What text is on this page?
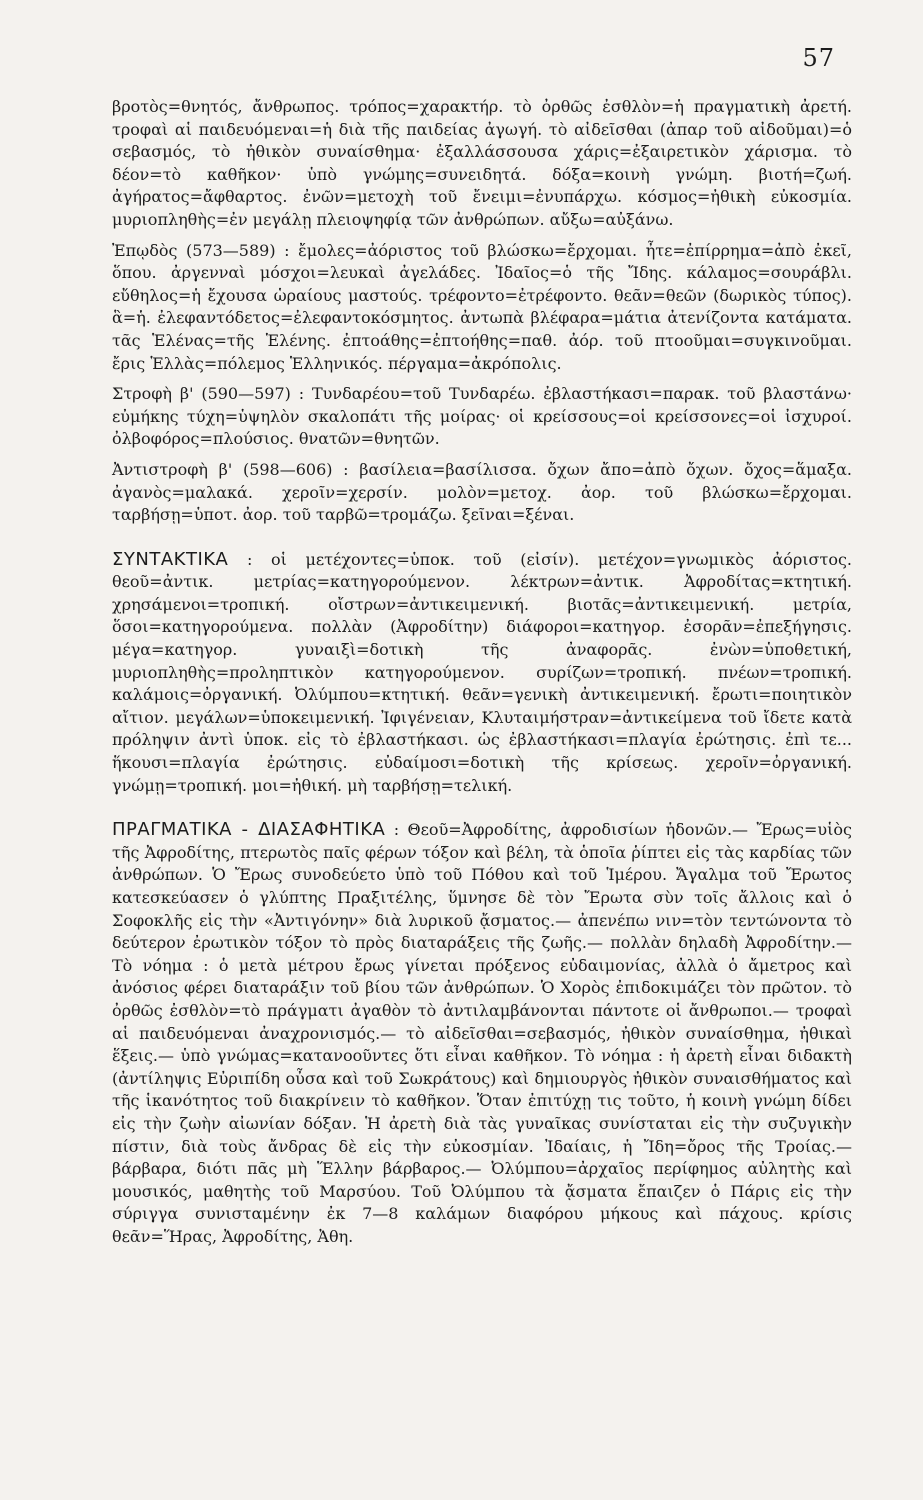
57

βροτὸς=θνητός, ἄνθρωπος. τρόπος=χαρακτήρ. τὸ ὀρθῶς ἐσθλὸν=ἡ πραγματικὴ ἀρετή. τροφαὶ αἱ παιδευόμεναι=ἡ διὰ τῆς παιδείας ἀγωγή. τὸ αἰδεῖσθαι (ἀπαρ τοῦ αἰδοῦμαι)=ὁ σεβασμός, τὸ ἠθικὸν συναίσθημα· ἐξαλλάσσουσα χάρις=ἐξαιρετικὸν χάρισμα. τὸ δέον=τὸ καθῆκον· ὑπὸ γνώμης=συνειδητά. δόξα=κοινὴ γνώμη. βιοτή=ζωή. ἀγήρατος=ἄφθαρτος. ἐνῶν=μετοχὴ τοῦ ἔνειμι=ἐνυπάρχω. κόσμος=ἠθικὴ εὐκοσμία. μυριοπληθὴς=ἐν μεγάλῃ πλειοψηφίᾳ τῶν ἀνθρώπων. αὔξω=αὐξάνω.

Ἐπῳδὸς (573—589) : ἔμολες=ἀόριστος τοῦ βλώσκω=ἔρχομαι. ἦτε=ἐπίρρημα=ἀπὸ ἐκεῖ, ὅπου. ἀργενναὶ μόσχοι=λευκαὶ ἀγελάδες. Ἰδαῖος=ὁ τῆς Ἴδης. κάλαμος=σουράβλι. εὔθηλος=ἡ ἔχουσα ὡραίους μαστούς. τρέφοντο=ἐτρέφοντο. θεᾶν=θεῶν (δωρικὸς τύπος). ἃ=ἡ. ἐλεφαντόδετος=ἐλεφαντοκόσμητος. ἀντωπὰ βλέφαρα=μάτια ἀτενίζοντα κατάματα. τᾶς Ἑλένας=τῆς Ἑλένης. ἐπτοάθης=ἐπτοήθης=παθ. ἀόρ. τοῦ πτοοῦμαι=συγκινοῦμαι. ἔρις Ἑλλὰς=πόλεμος Ἑλληνικός. πέργαμα=ἀκρόπολις.

Στροφὴ β' (590—597) : Τυνδαρέου=τοῦ Τυνδαρέω. ἐβλαστήκασι=παρακ. τοῦ βλαστάνω· εὐμήκης τύχη=ὑψηλὸν σκαλοπάτι τῆς μοίρας· οἱ κρείσσους=οἱ κρείσσονες=οἱ ἰσχυροί. ὀλβοφόρος=πλούσιος. θνατῶν=θνητῶν.

Ἀντιστροφὴ β' (598—606) : βασίλεια=βασίλισσα. ὄχων ἄπο=ἀπὸ ὄχων. ὄχος=ἅμαξα. ἀγανὸς=μαλακά. χεροῖν=χερσίν. μολὸν=μετοχ. ἀορ. τοῦ βλώσκω=ἔρχομαι. ταρβήσῃ=ὑποτ. ἀορ. τοῦ ταρβῶ=τρομάζω. ξεῖναι=ξέναι.

ΣΥΝΤΑΚΤΙΚΑ : οἱ μετέχοντες=ὑποκ. τοῦ (εἰσίν). μετέχον=γνωμικὸς ἀόριστος. θεοῦ=ἀντικ. μετρίας=κατηγορούμενον. λέκτρων=ἀντικ. Ἀφροδίτας=κτητική. χρησάμενοι=τροπική. οἴστρων=ἀντικειμενική. βιοτᾶς=ἀντικειμενική. μετρία, ὅσοι=κατηγορούμενα. πολλὰν (Ἀφροδίτην) διάφοροι=κατηγορ. ἐσορᾶν=ἐπεξήγησις. μέγα=κατηγορ. γυναιξὶ=δοτικὴ τῆς ἀναφορᾶς. ἐνὼν=ὑποθετική, μυριοπληθὴς=προληπτικὸν κατηγορούμενον. συρίζων=τροπική. πνέων=τροπική. καλάμοις=ὀργανική. Ὀλύμπου=κτητική. θεᾶν=γενικὴ ἀντικειμενική. ἔρωτι=ποιητικὸν αἴτιον. μεγάλων=ὑποκειμενική. Ἰφιγένειαν, Κλυταιμήστραν=ἀντικείμενα τοῦ ἴδετε κατὰ πρόληψιν ἀντὶ ὑποκ. εἰς τὸ ἐβλαστήκασι. ὡς ἐβλαστήκασι=πλαγία ἐρώτησις. ἐπὶ τε... ἥκουσι=πλαγία ἐρώτησις. εὐδαίμοσι=δοτικὴ τῆς κρίσεως. χεροῖν=ὀργανική. γνώμῃ=τροπική. μοι=ἠθική. μὴ ταρβήσῃ=τελική.

ΠΡΑΓΜΑΤΙΚΑ - ΔΙΑΣΑΦΗΤΙΚΑ : Θεοῦ=Ἀφροδίτης, ἀφροδισίων ἡδονῶν.— Ἔρως=υἱὸς τῆς Ἀφροδίτης, πτερωτὸς παῖς φέρων τόξον καὶ βέλη, τὰ ὁποῖα ῥίπτει εἰς τὰς καρδίας τῶν ἀνθρώπων. Ὁ Ἔρως συνοδεύετο ὑπὸ τοῦ Πόθου καὶ τοῦ Ἱμέρου. Ἄγαλμα τοῦ Ἔρωτος κατεσκεύασεν ὁ γλύπτης Πραξιτέλης, ὕμνησε δὲ τὸν Ἔρωτα σὺν τοῖς ἄλλοις καὶ ὁ Σοφοκλῆς εἰς τὴν «Ἀντιγόνην» διὰ λυρικοῦ ᾄσματος.— ἀπενέπω νιν=τὸν τεντώνοντα τὸ δεύτερον ἐρωτικὸν τόξον τὸ πρὸς διαταράξεις τῆς ζωῆς.— πολλὰν δηλαδὴ Ἀφροδίτην.— Τὸ νόημα : ὁ μετὰ μέτρου ἔρως γίνεται πρόξενος εὐδαιμονίας, ἀλλὰ ὁ ἄμετρος καὶ ἀνόσιος φέρει διαταράξιν τοῦ βίου τῶν ἀνθρώπων. Ὁ Χορὸς ἐπιδοκιμάζει τὸν πρῶτον. τὸ ὀρθῶς ἐσθλὸν=τὸ πράγματι ἀγαθὸν τὸ ἀντιλαμβάνονται πάντοτε οἱ ἄνθρωποι.— τροφαὶ αἱ παιδευόμεναι ἀναχρονισμός.— τὸ αἰδεῖσθαι=σεβασμός, ἠθικὸν συναίσθημα, ἠθικαὶ ἕξεις.— ὑπὸ γνώμας=κατανοοῦντες ὅτι εἶναι καθῆκον. Τὸ νόημα : ἡ ἀρετὴ εἶναι διδακτὴ (ἀντίληψις Εὐριπίδη οὖσα καὶ τοῦ Σωκράτους) καὶ δημιουργὸς ἠθικὸν συναισθήματος καὶ τῆς ἱκανότητος τοῦ διακρίνειν τὸ καθῆκον. Ὅταν ἐπιτύχῃ τις τοῦτο, ἡ κοινὴ γνώμη δίδει εἰς τὴν ζωὴν αἰωνίαν δόξαν. Ἡ ἀρετὴ διὰ τὰς γυναῖκας συνίσταται εἰς τὴν συζυγικὴν πίστιν, διὰ τοὺς ἄνδρας δὲ εἰς τὴν εὐκοσμίαν. Ἰδαίαις, ἡ Ἴδη=ὄρος τῆς Τροίας.— βάρβαρα, διότι πᾶς μὴ Ἕλλην βάρβαρος.— Ὀλύμπου=ἀρχαῖος περίφημος αὐλητὴς καὶ μουσικός, μαθητὴς τοῦ Μαρσύου. Τοῦ Ὀλύμπου τὰ ᾄσματα ἔπαιζεν ὁ Πάρις εἰς τὴν σύριγγα συνισταμένην ἐκ 7—8 καλάμων διαφόρου μήκους καὶ πάχους. κρίσις θεᾶν=Ἥρας, Ἀφροδίτης, Ἀθη.
